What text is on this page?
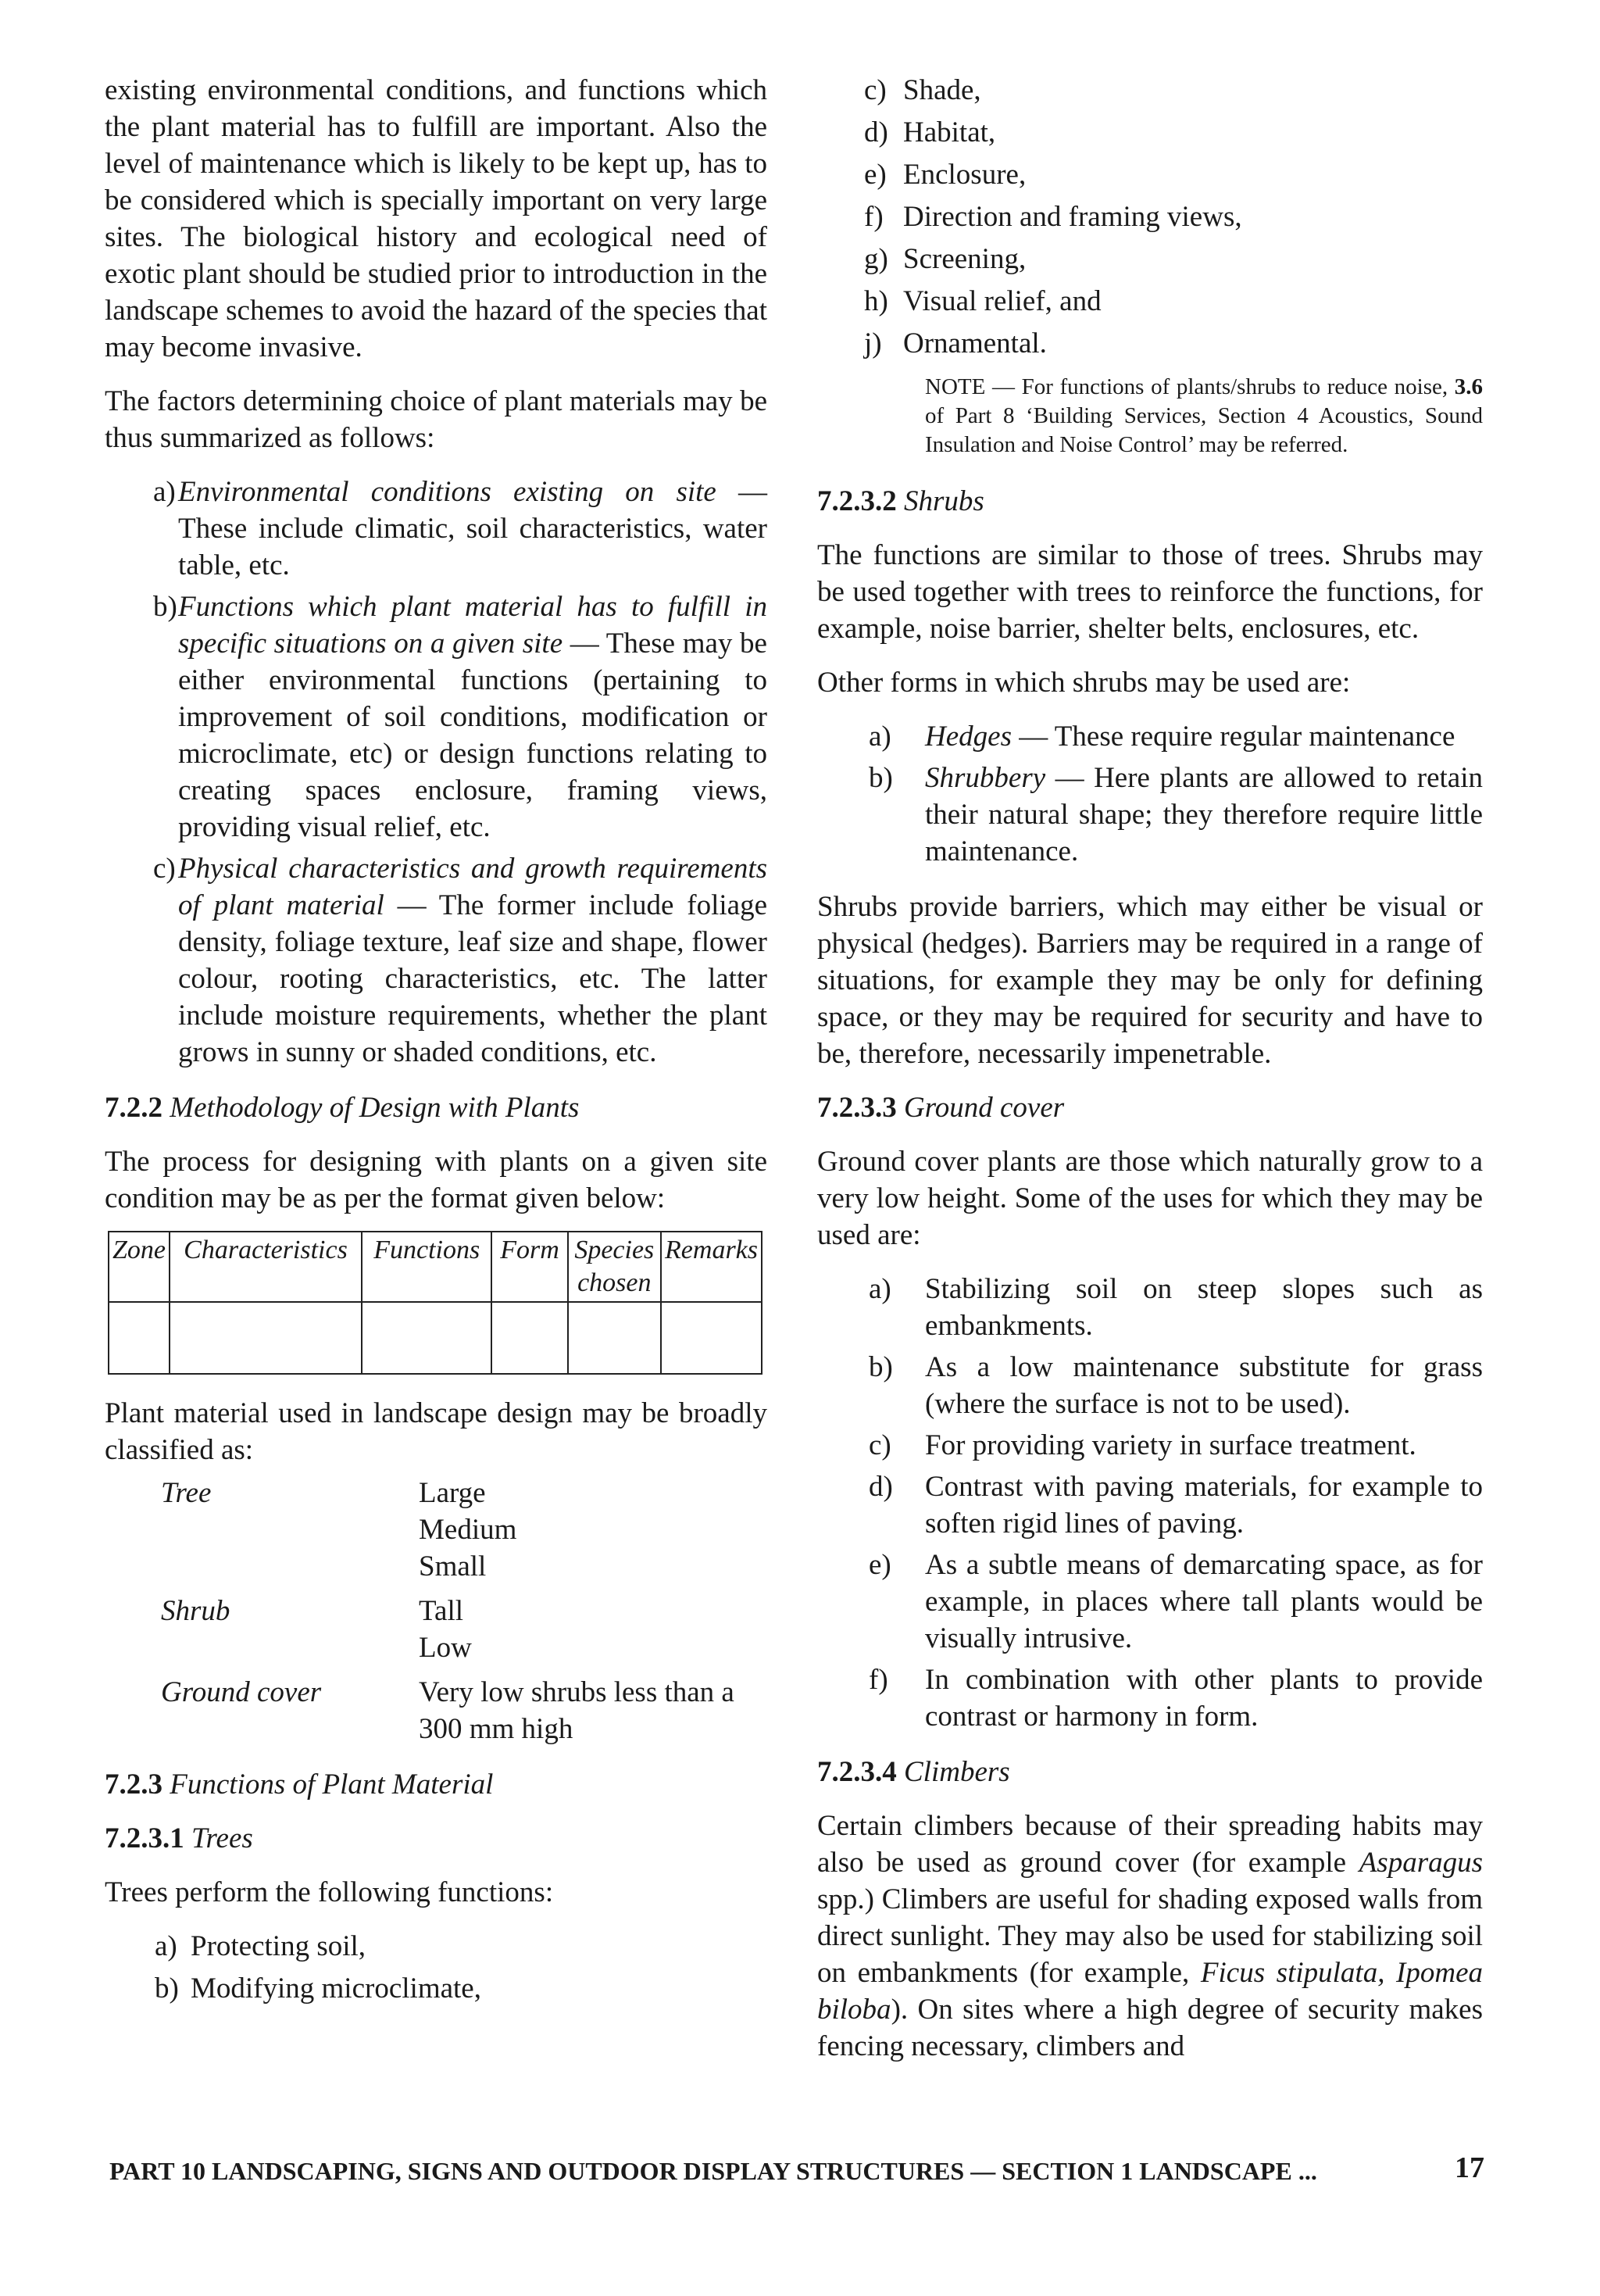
existing environmental conditions, and functions which the plant material has to fulfill are important. Also the level of maintenance which is likely to be kept up, has to be considered which is specially important on very large sites. The biological history and ecological need of exotic plant should be studied prior to introduction in the landscape schemes to avoid the hazard of the species that may become invasive.

The factors determining choice of plant materials may be thus summarized as follows:

a) Environmental conditions existing on site — These include climatic, soil characteristics, water table, etc.
b) Functions which plant material has to fulfill in specific situations on a given site — These may be either environmental functions (pertaining to improvement of soil conditions, modification or microclimate, etc) or design functions relating to creating spaces enclosure, framing views, providing visual relief, etc.
c) Physical characteristics and growth requirements of plant material — The former include foliage density, foliage texture, leaf size and shape, flower colour, rooting characteristics, etc. The latter include moisture requirements, whether the plant grows in sunny or shaded conditions, etc.
7.2.2 Methodology of Design with Plants

The process for designing with plants on a given site condition may be as per the format given below:

Zone	Characteristics	Functions	Form	Species chosen	Remarks

Plant material used in landscape design may be broadly classified as:

Tree	Large
Medium
Small
Shrub	Tall
Low
Ground cover	Very low shrubs less than a 300 mm high
7.2.3 Functions of Plant Material
7.2.3.1 Trees

Trees perform the following functions:

a) Protecting soil,
b) Modifying microclimate,
c) Shade,
d) Habitat,
e) Enclosure,
f) Direction and framing views,
g) Screening,
h) Visual relief, and
j) Ornamental.
NOTE — For functions of plants/shrubs to reduce noise, 3.6 of Part 8 ‘Building Services, Section 4 Acoustics, Sound Insulation and Noise Control’ may be referred.
7.2.3.2 Shrubs

The functions are similar to those of trees. Shrubs may be used together with trees to reinforce the functions, for example, noise barrier, shelter belts, enclosures, etc.

Other forms in which shrubs may be used are:

a)	Hedges — These require regular maintenance
b)	Shrubbery — Here plants are allowed to retain their natural shape; they therefore require little maintenance.

Shrubs provide barriers, which may either be visual or physical (hedges). Barriers may be required in a range of situations, for example they may be only for defining space, or they may be required for security and have to be, therefore, necessarily impenetrable.

7.2.3.3 Ground cover

Ground cover plants are those which naturally grow to a very low height. Some of the uses for which they may be used are:

a)	Stabilizing soil on steep slopes such as embankments.
b)	As a low maintenance substitute for grass (where the surface is not to be used).
c)	For providing variety in surface treatment.
d)	Contrast with paving materials, for example to soften rigid lines of paving.
e)	As a subtle means of demarcating space, as for example, in places where tall plants would be visually intrusive.
f)	In combination with other plants to provide contrast or harmony in form.
7.2.3.4 Climbers

Certain climbers because of their spreading habits may also be used as ground cover (for example Asparagus spp.) Climbers are useful for shading exposed walls from direct sunlight. They may also be used for stabilizing soil on embankments (for example, Ficus stipulata, Ipomea biloba). On sites where a high degree of security makes fencing necessary, climbers and

PART 10 LANDSCAPING, SIGNS AND OUTDOOR DISPLAY STRUCTURES — SECTION 1 LANDSCAPE ...	17
